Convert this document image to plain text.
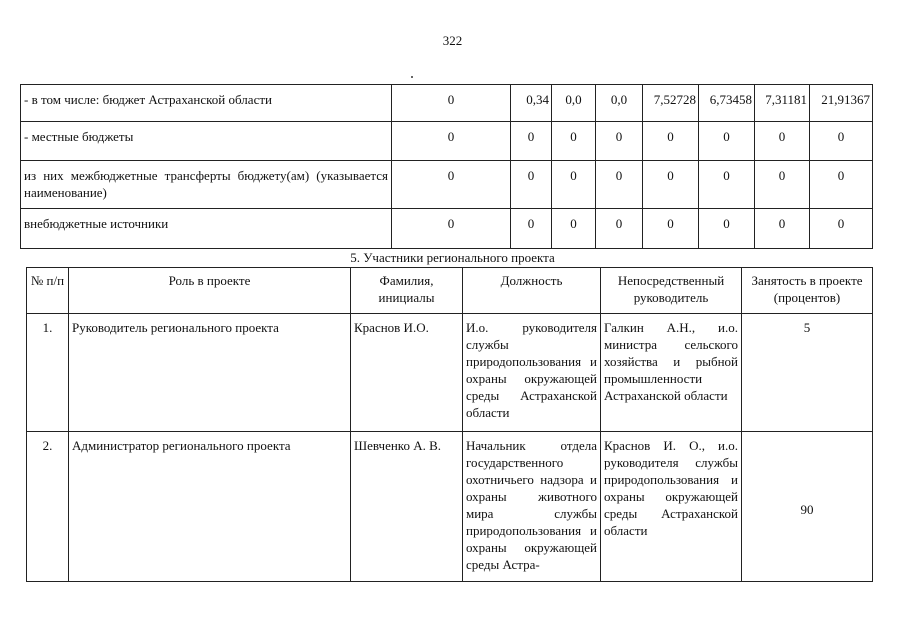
322
- в том числе: бюджет Астраханской области	0	0,34	0,0	0,0	7,52728	6,73458	7,31181	21,91367
- местные бюджеты	0	0	0	0	0	0	0	0
из них межбюджетные трансферты бюджету(ам) (указывается наименование)	0	0	0	0	0	0	0	0
внебюджетные источники	0	0	0	0	0	0	0	0
5. Участники регионального проекта
№ п/п	Роль в проекте	Фамилия, инициалы	Должность	Непосредственный руководитель	Занятость в проекте (процентов)
1.	Руководитель регионального проекта	Краснов И.О.	И.о. руководителя службы природопользования и охраны окружающей среды Астраханской области	Галкин А.Н., и.о. министра сельского хозяйства и рыбной промышленности Астраханской области	5
2.	Администратор регионального проекта	Шевченко А. В.	Начальник отдела государственного охотничьего надзора и охраны животного мира службы природопользования и охраны окружающей среды Астра-	Краснов И. О., и.о. руководителя службы природопользования и охраны окружающей среды Астраханской области	90
